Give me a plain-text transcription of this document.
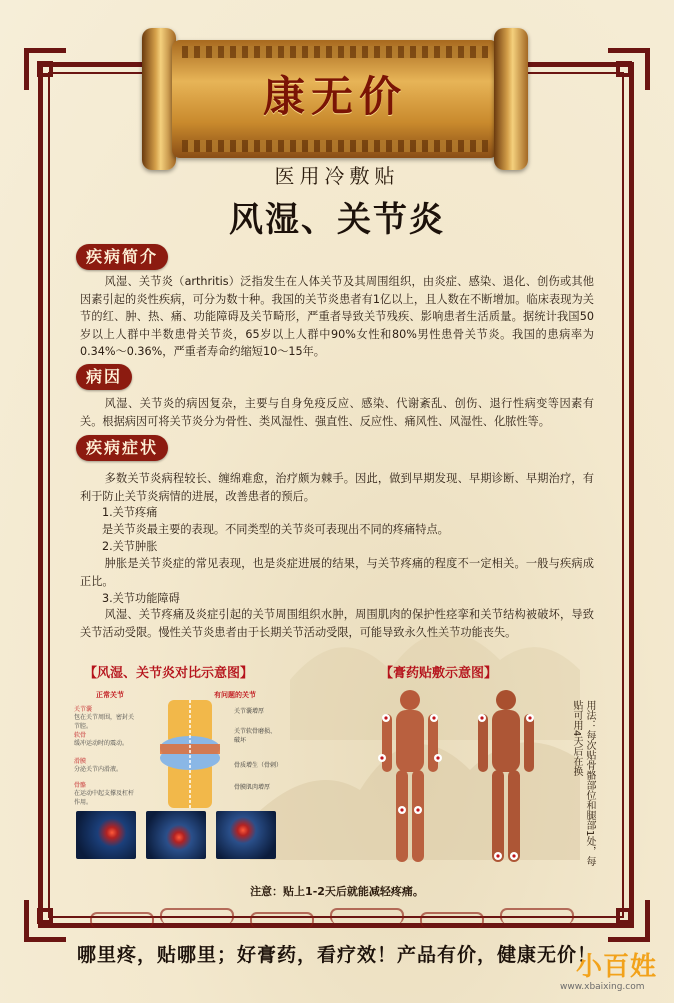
康无价
医用冷敷贴
风湿、关节炎
疾病简介
风湿、关节炎（arthritis）泛指发生在人体关节及其周围组织，由炎症、感染、退化、创伤或其他因素引起的炎性疾病，可分为数十种。我国的关节炎患者有1亿以上，且人数在不断增加。临床表现为关节的红、肿、热、痛、功能障碍及关节畸形，严重者导致关节残疾、影响患者生活质量。据统计我国50岁以上人群中半数患骨关节炎，65岁以上人群中90%女性和80%男性患骨关节炎。我国的患病率为0.34%～0.36%，严重者寿命约缩短10～15年。
病因
风湿、关节炎的病因复杂，主要与自身免疫反应、感染、代谢紊乱、创伤、退行性病变等因素有关。根据病因可将关节炎分为骨性、类风湿性、强直性、反应性、痛风性、风湿性、化脓性等。
疾病症状
多数关节炎病程较长、缠绵难愈，治疗颇为棘手。因此，做到早期发现、早期诊断、早期治疗，有利于防止关节炎病情的进展，改善患者的预后。
1.关节疼痛
是关节炎最主要的表现。不同类型的关节炎可表现出不同的疼痛特点。
2.关节肿胀
肿胀是关节炎症的常见表现，也是炎症进展的结果，与关节疼痛的程度不一定相关。一般与疾病成正比。
3.关节功能障碍
风湿、关节疼痛及炎症引起的关节周围组织水肿，周围肌肉的保护性痉挛和关节结构被破坏，导致关节活动受限。慢性关节炎患者由于长期关节活动受限，可能导致永久性关节功能丧失。
【风湿、关节炎对比示意图】	【膏药贴敷示意图】
正常关节	有问题的关节
关节囊
包在关节周围，密封关节腔。
软骨
缓冲运动时的震动。
滑膜
分泌关节内滑液。
骨骼
在运动中起支撑及杠杆作用。
关节囊增厚
关节软骨磨损、破坏
骨质增生（骨刺）
骨膜肌肉增厚	用法：每次贴骨骼部位和腿部1处，每贴可用4天后在换
注意：贴上1-2天后就能减轻疼痛。
哪里疼，贴哪里；好膏药，看疗效！产品有价，健康无价！
小百姓
www.xbaixing.com
